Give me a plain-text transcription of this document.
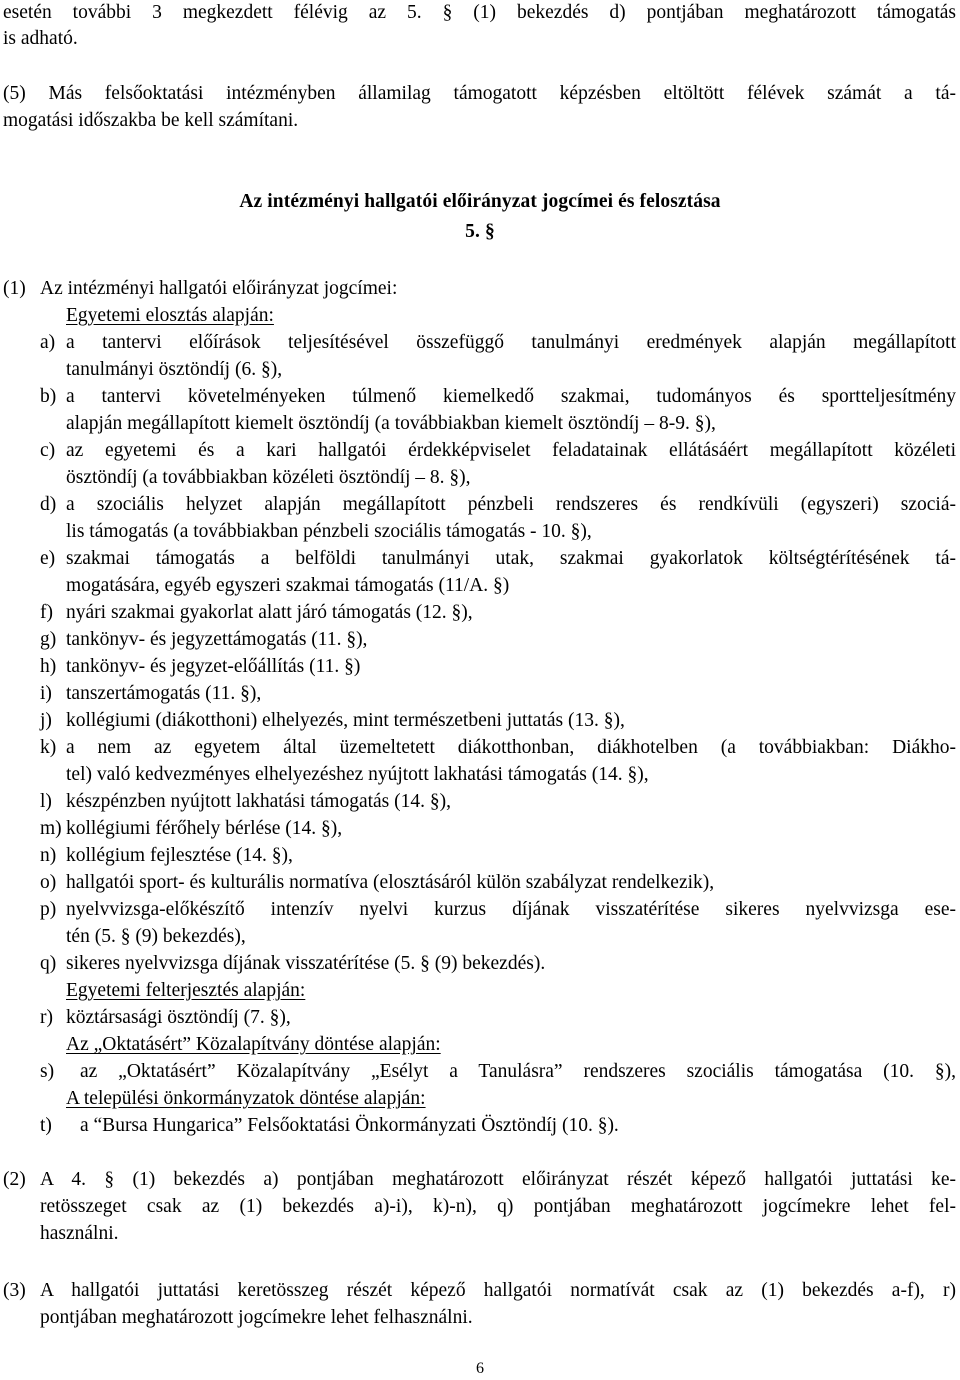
esetén további 3 megkezdett félévig az 5. § (1) bekezdés d) pontjában meghatározott támogatás
is adható.
(5) Más felsőoktatási intézményben államilag támogatott képzésben eltöltött félévek számát a tá-
mogatási időszakba be kell számítani.
Az intézményi hallgatói előirányzat jogcímei és felosztása
5. §
(1) Az intézményi hallgatói előirányzat jogcímei:
Egyetemi elosztás alapján:
a) a tantervi előírások teljesítésével összefüggő tanulmányi eredmények alapján megállapított
tanulmányi ösztöndíj (6. §),
b) a tantervi követelményeken túlmenő kiemelkedő szakmai, tudományos és sportteljesítmény
alapján megállapított kiemelt ösztöndíj (a továbbiakban kiemelt ösztöndíj – 8-9. §),
c) az egyetemi és a kari hallgatói érdekképviselet feladatainak ellátásáért megállapított közéleti
ösztöndíj (a továbbiakban közéleti ösztöndíj – 8. §),
d) a szociális helyzet alapján megállapított pénzbeli rendszeres és rendkívüli (egyszeri) szociá-
lis támogatás (a továbbiakban pénzbeli szociális támogatás - 10. §),
e) szakmai támogatás a belföldi tanulmányi utak, szakmai gyakorlatok költségtérítésének tá-
mogatására, egyéb egyszeri szakmai támogatás (11/A. §)
f) nyári szakmai gyakorlat alatt járó támogatás (12. §),
g) tankönyv- és jegyzettámogatás (11. §),
h) tankönyv- és jegyzet-előállítás (11. §)
i) tanszertámogatás (11. §),
j) kollégiumi (diákotthoni) elhelyezés, mint természetbeni juttatás (13. §),
k) a nem az egyetem által üzemeltetett diákotthonban, diákhotelben (a továbbiakban: Diákho-
tel) való kedvezményes elhelyezéshez nyújtott lakhatási támogatás (14. §),
l) készpénzben nyújtott lakhatási támogatás (14. §),
m) kollégiumi férőhely bérlése (14. §),
n) kollégium fejlesztése (14. §),
o) hallgatói sport- és kulturális normatíva (elosztásáról külön szabályzat rendelkezik),
p) nyelvvizsga-előkészítő intenzív nyelvi kurzus díjának visszatérítése sikeres nyelvvizsga ese-
tén (5. § (9) bekezdés),
q) sikeres nyelvvizsga díjának visszatérítése (5. § (9) bekezdés).
Egyetemi felterjesztés alapján:
r) köztársasági ösztöndíj (7. §),
Az „Oktatásért” Közalapítvány döntése alapján:
s) az „Oktatásért” Közalapítvány „Esélyt a Tanulásra” rendszeres szociális támogatása (10. §),
A települési önkormányzatok döntése alapján:
t) a “Bursa Hungarica” Felsőoktatási Önkormányzati Ösztöndíj (10. §).
(2) A 4. § (1) bekezdés a) pontjában meghatározott előirányzat részét képező hallgatói juttatási ke-
retösszeget csak az (1) bekezdés a)-i), k)-n), q) pontjában meghatározott jogcímekre lehet fel-
használni.
(3) A hallgatói juttatási keretösszeg részét képező hallgatói normatívát csak az (1) bekezdés a-f), r)
pontjában meghatározott jogcímekre lehet felhasználni.
6
